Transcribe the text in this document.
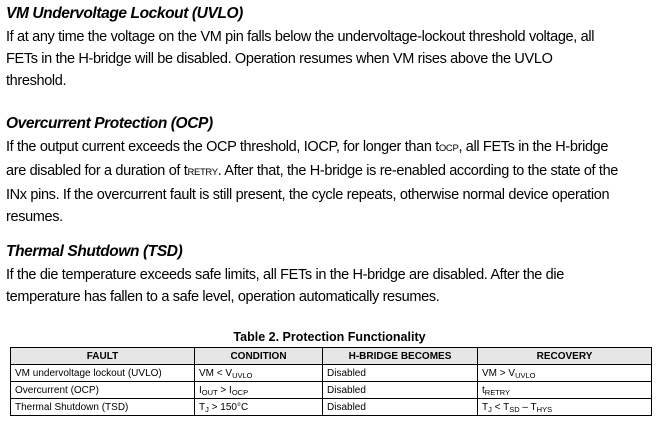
VM Undervoltage Lockout (UVLO)
If at any time the voltage on the VM pin falls below the undervoltage-lockout threshold voltage, all
FETs in the H-bridge will be disabled. Operation resumes when VM rises above the UVLO
threshold.
Overcurrent Protection (OCP)
If the output current exceeds the OCP threshold, IOCP, for longer than tOCP, all FETs in the H-bridge
are disabled for a duration of tRETRY. After that, the H-bridge is re-enabled according to the state of the
INx pins. If the overcurrent fault is still present, the cycle repeats, otherwise normal device operation
resumes.
Thermal Shutdown (TSD)
If the die temperature exceeds safe limits, all FETs in the H-bridge are disabled. After the die
temperature has fallen to a safe level, operation automatically resumes.
Table 2. Protection Functionality
FAULT	CONDITION	H-BRIDGE BECOMES	RECOVERY
VM undervoltage lockout (UVLO)	VM < $V_{UVLO}$	Disabled	VM > $V_{UVLO}$
Overcurrent (OCP)	$I_{OUT} > I_{OCP}$	Disabled	$t_{RETRY}$
Thermal Shutdown (TSD)	$T_J > 150^\circ C$	Disabled	$T_J < T_{SD} - T_{HYS}$
